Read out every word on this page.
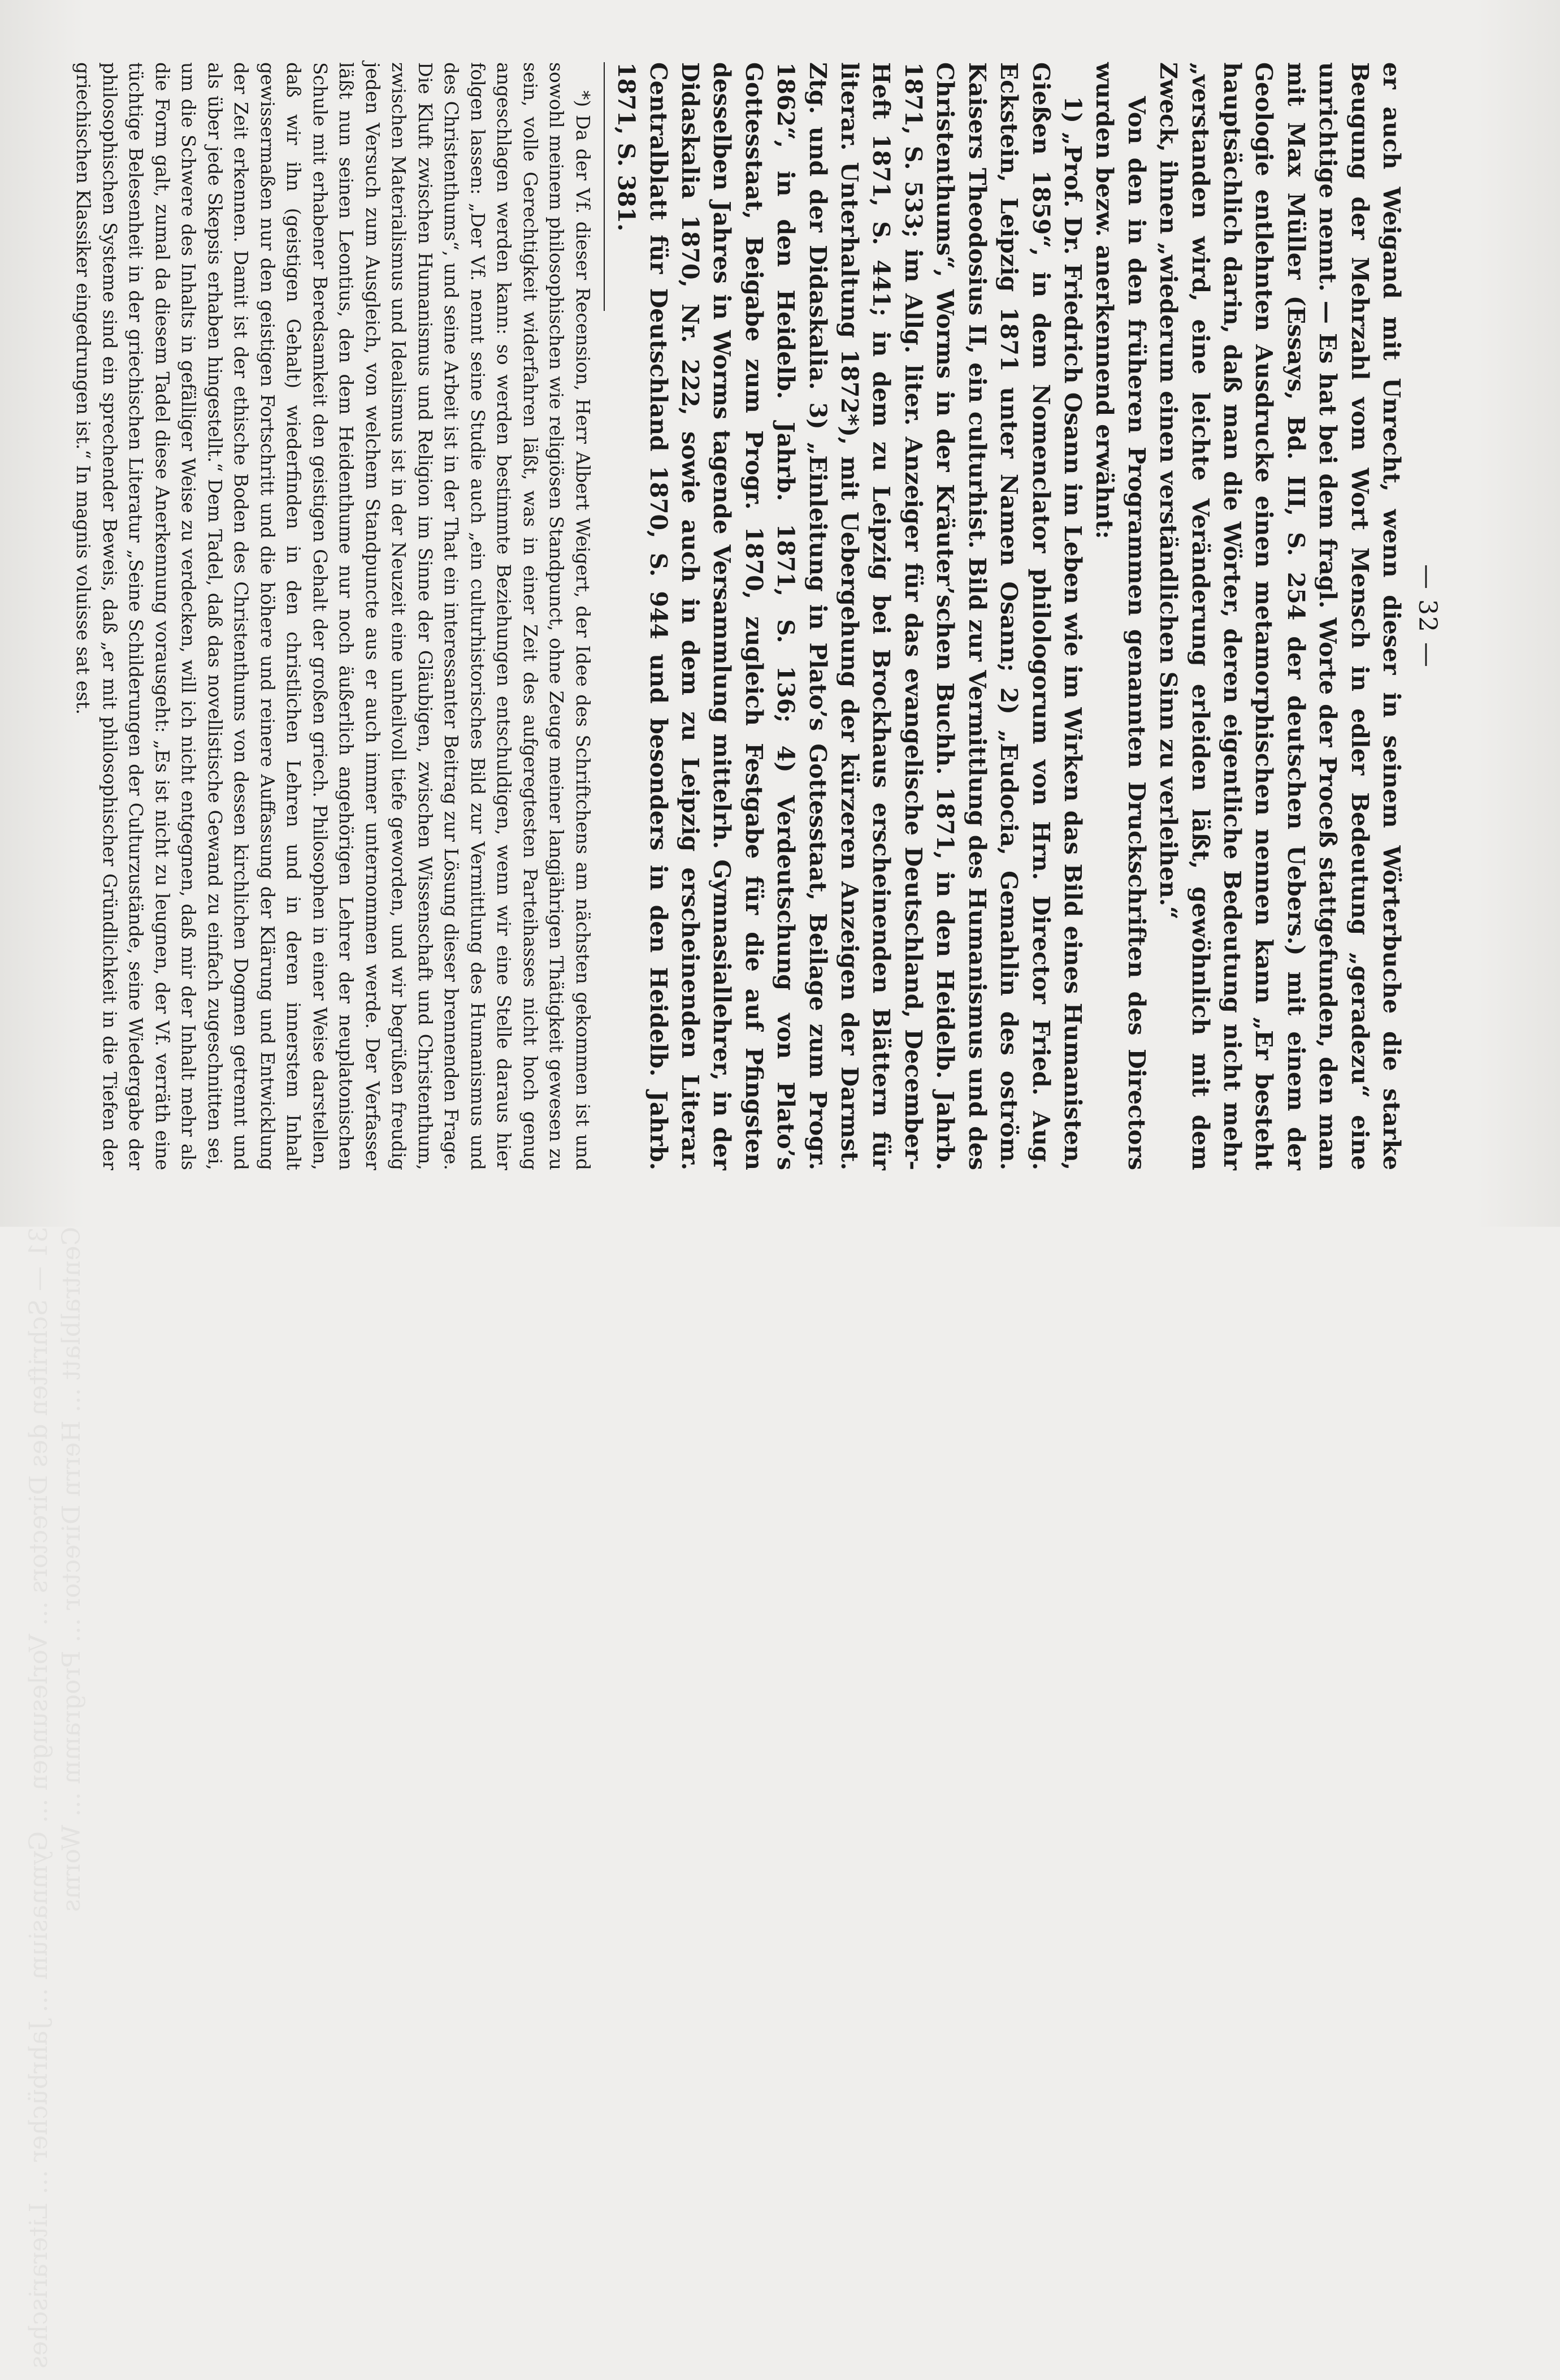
31 — Schriften des Directors … Vorlesungen … Gymnasium … Jahrbücher … Literarisches Centralblatt … Herrn Director … Programm … Worms
— 32 —

er auch Weigand mit Unrecht, wenn dieser in seinem Wörterbuche die starke Beugung der Mehrzahl vom Wort Mensch in edler Bedeutung „geradezu“ eine unrichtige nennt. — Es hat bei dem fragl. Worte der Proceß stattgefunden, den man mit Max Müller (Essays, Bd. III, S. 254 der deutschen Uebers.) mit einem der Geologie entlehnten Ausdrucke einen metamorphischen nennen kann „Er besteht hauptsächlich darin, daß man die Wörter, deren eigentliche Bedeutung nicht mehr „verstanden wird, eine leichte Veränderung erleiden läßt, gewöhnlich mit dem Zweck, ihnen „wiederum einen verständlichen Sinn zu verleihen.“

Von den in den früheren Programmen genannten Druckschriften des Directors wurden bezw. anerkennend erwähnt:

1) „Prof. Dr. Friedrich Osann im Leben wie im Wirken das Bild eines Humanisten, Gießen 1859“, in dem Nomenclator philologorum von Hrn. Director Fried. Aug. Eckstein, Leipzig 1871 unter Namen Osann; 2) „Eudocia, Gemahlin des oström. Kaisers Theodosius II, ein culturhist. Bild zur Vermittlung des Humanismus und des Christenthums“, Worms in der Kräuter’schen Buchh. 1871, in den Heidelb. Jahrb. 1871, S. 533; im Allg. liter. Anzeiger für das evangelische Deutschland, December-Heft 1871, S. 441; in dem zu Leipzig bei Brockhaus erscheinenden Blättern für literar. Unterhaltung 1872*), mit Uebergehung der kürzeren Anzeigen der Darmst. Ztg. und der Didaskalia. 3) „Einleitung in Plato’s Gottesstaat, Beilage zum Progr. 1862“, in den Heidelb. Jahrb. 1871, S. 136; 4) Verdeutschung von Plato’s Gottesstaat, Beigabe zum Progr. 1870, zugleich Festgabe für die auf Pfingsten desselben Jahres in Worms tagende Versammlung mittelrh. Gymnasiallehrer, in der Didaskalia 1870, Nr. 222, sowie auch in dem zu Leipzig erscheinenden Literar. Centralblatt für Deutschland 1870, S. 944 und besonders in den Heidelb. Jahrb. 1871, S. 381.

*) Da der Vf. dieser Recension, Herr Albert Weigert, der Idee des Schriftchens am nächsten gekommen ist und sowohl meinem philosophischen wie religiösen Standpunct, ohne Zeuge meiner langjährigen Thätigkeit gewesen zu sein, volle Gerechtigkeit widerfahren läßt, was in einer Zeit des aufgeregtesten Parteihasses nicht hoch genug angeschlagen werden kann: so werden bestimmte Beziehungen entschuldigen, wenn wir eine Stelle daraus hier folgen lassen: „Der Vf. nennt seine Studie auch „ein culturhistorisches Bild zur Vermittlung des Humanismus und des Christenthums“, und seine Arbeit ist in der That ein interessanter Beitrag zur Lösung dieser brennenden Frage. Die Kluft zwischen Humanismus und Religion im Sinne der Gläubigen, zwischen Wissenschaft und Christenthum, zwischen Materialismus und Idealismus ist in der Neuzeit eine unheilvoll tiefe geworden, und wir begrüßen freudig jeden Versuch zum Ausgleich, von welchem Standpuncte aus er auch immer unternommen werde. Der Verfasser läßt nun seinen Leontius, den dem Heidenthume nur noch äußerlich angehörigen Lehrer der neuplatonischen Schule mit erhabener Beredsamkeit den geistigen Gehalt der großen griech. Philosophen in einer Weise darstellen, daß wir ihn (geistigen Gehalt) wiederfinden in den christlichen Lehren und in deren innerstem Inhalt gewissermaßen nur den geistigen Fortschritt und die höhere und reinere Auffassung der Klärung und Entwicklung der Zeit erkennen. Damit ist der ethische Boden des Christenthums von dessen kirchlichen Dogmen getrennt und als über jede Skepsis erhaben hingestellt.“ Dem Tadel, daß das novellistische Gewand zu einfach zugeschnitten sei, um die Schwere des Inhalts in gefälliger Weise zu verdecken, will ich nicht entgegnen, daß mir der Inhalt mehr als die Form galt, zumal da diesem Tadel diese Anerkennung vorausgeht: „Es ist nicht zu leugnen, der Vf. verräth eine tüchtige Belesenheit in der griechischen Literatur „Seine Schilderungen der Culturzustände, seine Wiedergabe der philosophischen Systeme sind ein sprechender Beweis, daß „er mit philosophischer Gründlichkeit in die Tiefen der griechischen Klassiker eingedrungen ist.“ In magnis voluisse sat est.
